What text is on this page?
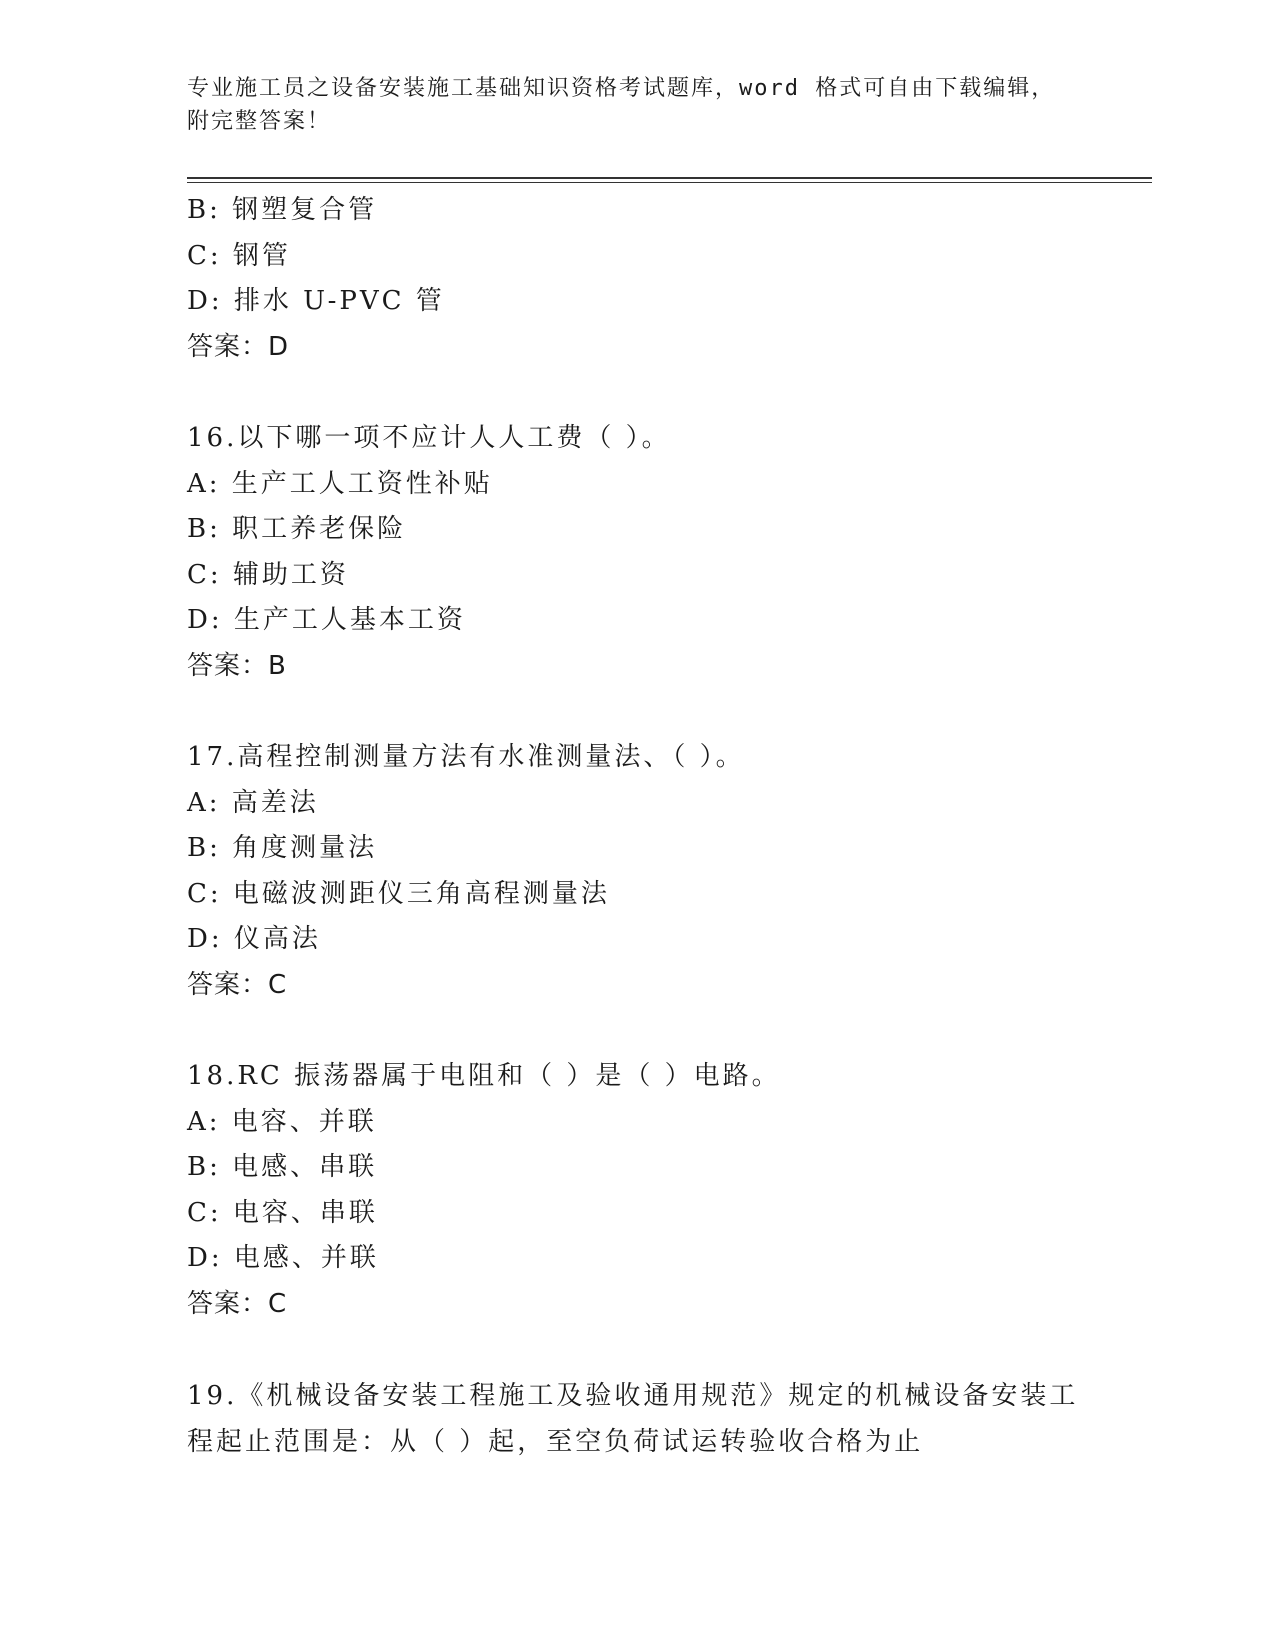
专业施工员之设备安装施工基础知识资格考试题库，word 格式可自由下载编辑，
附完整答案！
B: 钢塑复合管
C: 钢管
D: 排水 U-PVC 管
答案：D
16.以下哪一项不应计人人工费（ ）。
A: 生产工人工资性补贴
B: 职工养老保险
C: 辅助工资
D: 生产工人基本工资
答案：B
17.高程控制测量方法有水准测量法、（ ）。
A: 高差法
B: 角度测量法
C: 电磁波测距仪三角高程测量法
D: 仪高法
答案：C
18.RC 振荡器属于电阻和（ ）是（ ）电路。
A: 电容、并联
B: 电感、串联
C: 电容、串联
D: 电感、并联
答案：C
19.《机械设备安装工程施工及验收通用规范》规定的机械设备安装工
程起止范围是：从（ ）起，至空负荷试运转验收合格为止
